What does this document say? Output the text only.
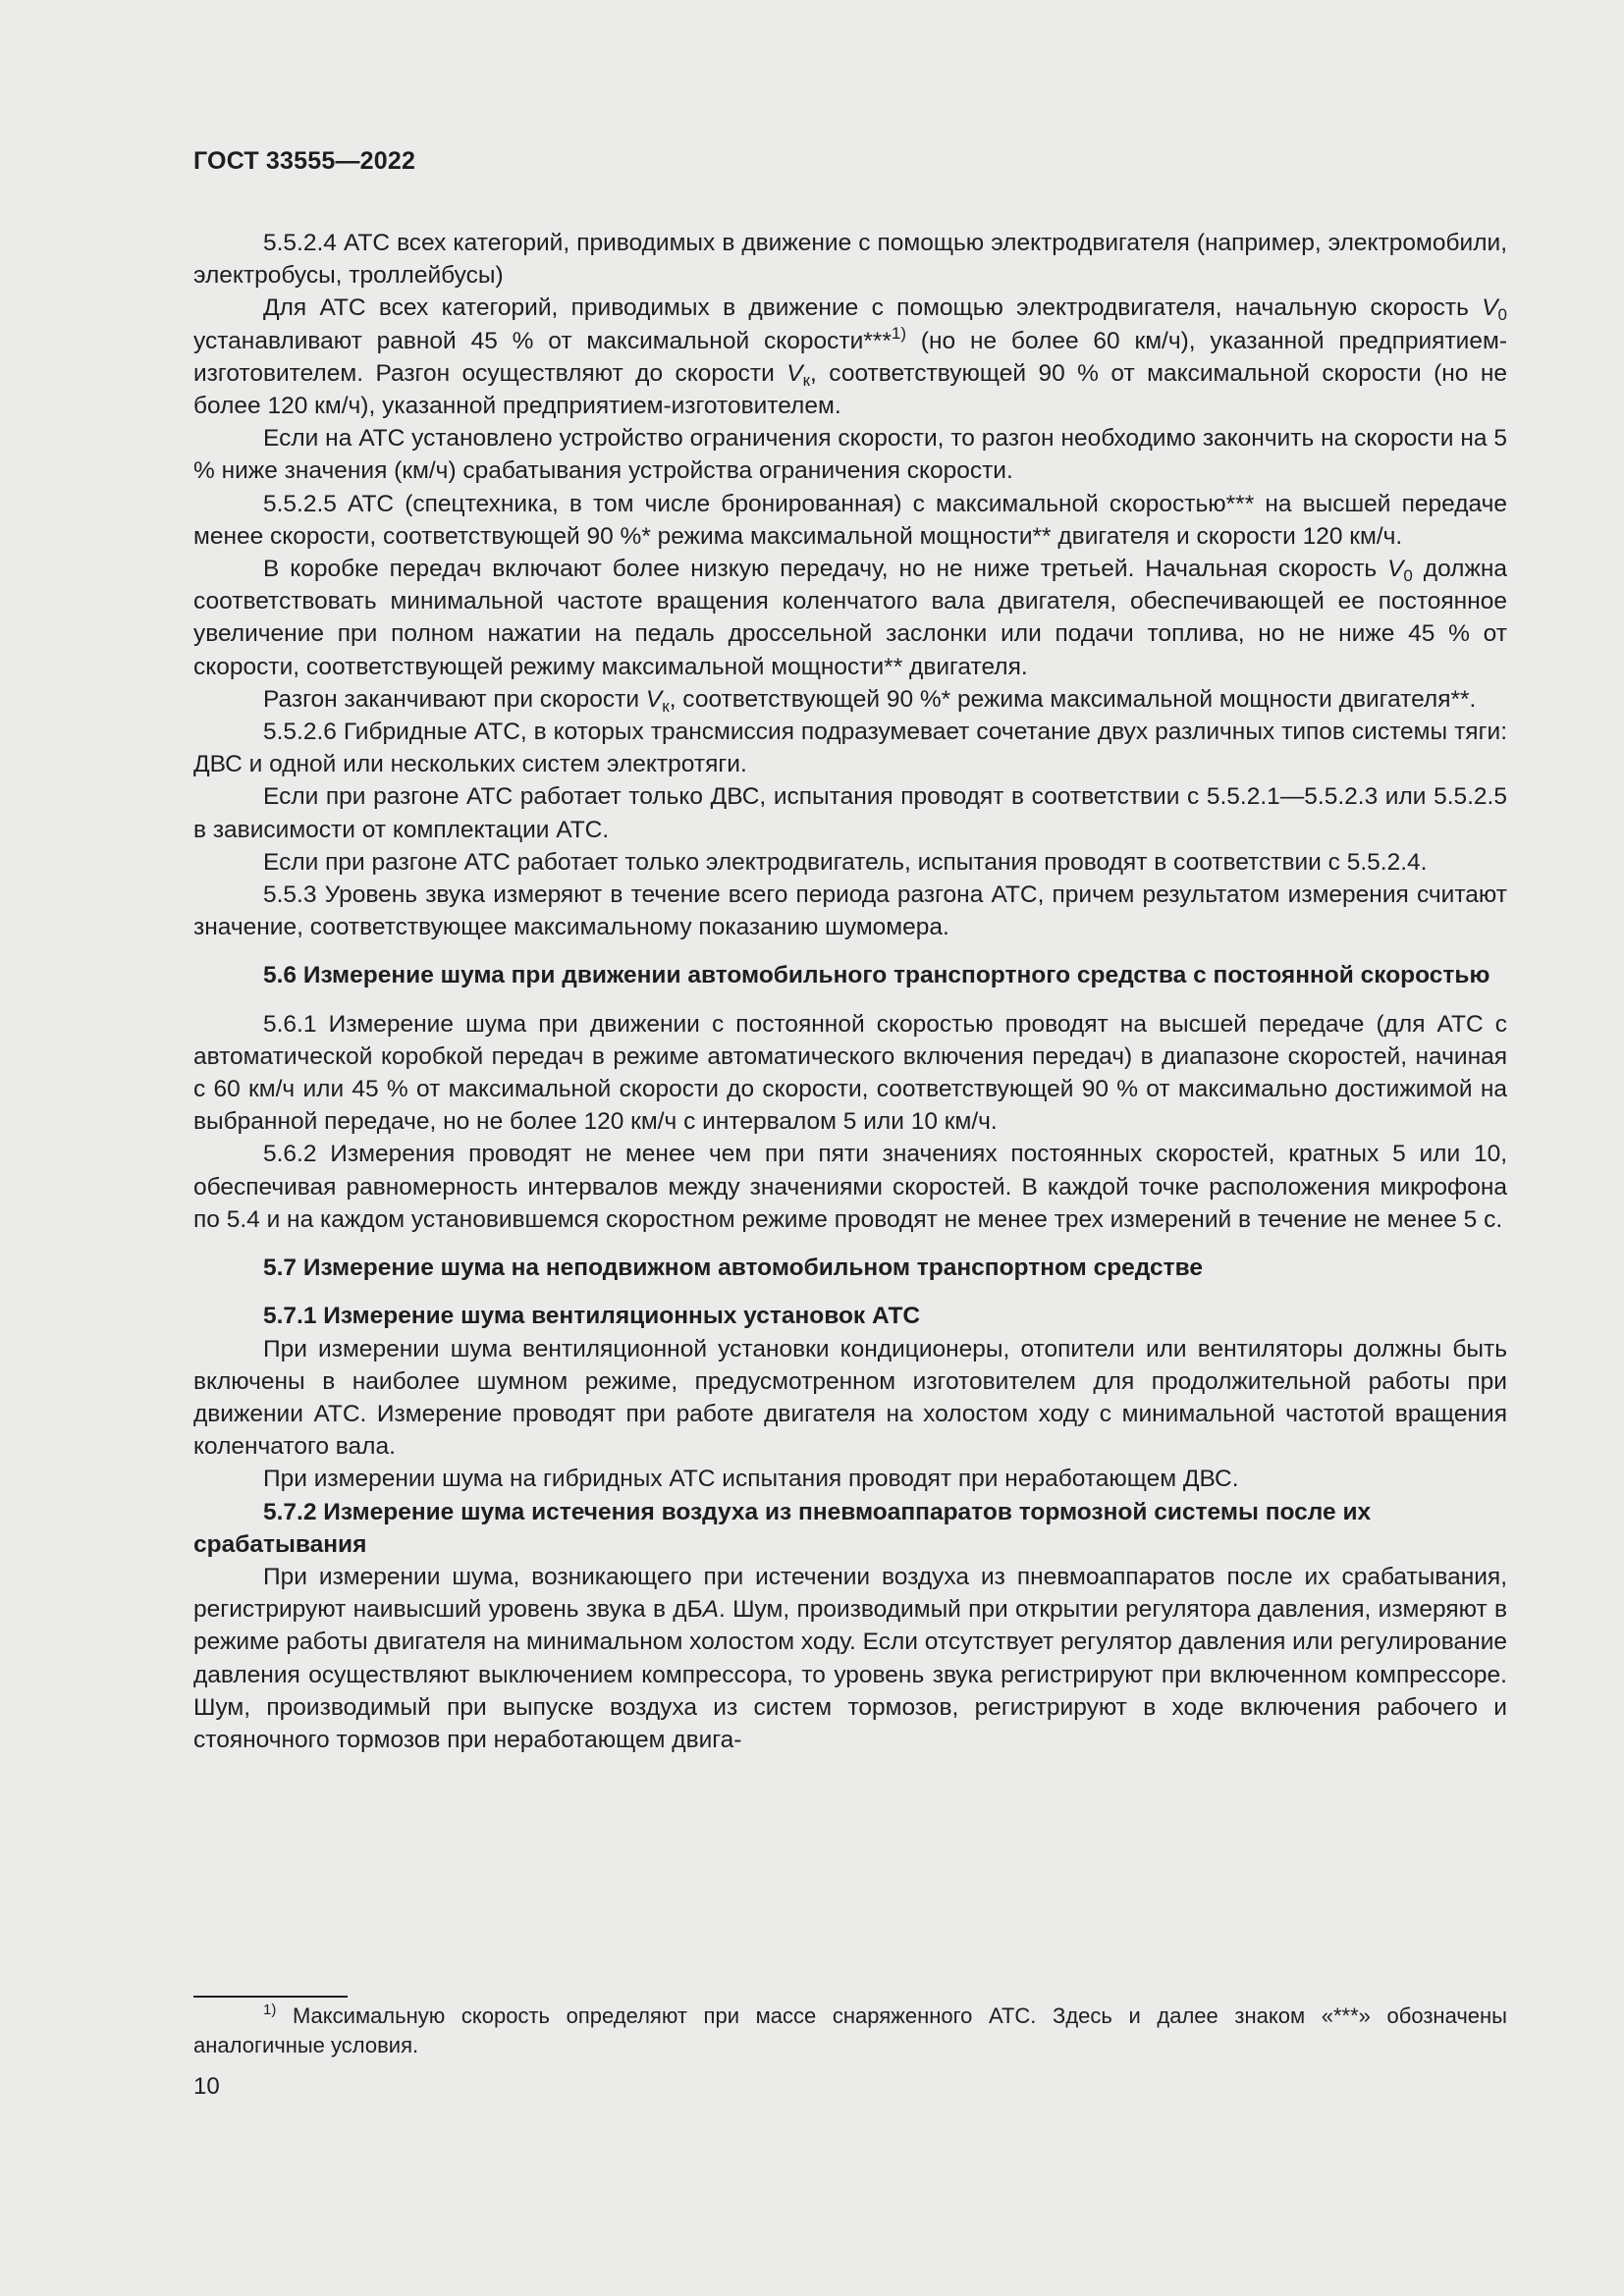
ГОСТ 33555—2022

5.5.2.4 АТС всех категорий, приводимых в движение с помощью электродвигателя (например, электромобили, электробусы, троллейбусы)

Для АТС всех категорий, приводимых в движение с помощью электродвигателя, начальную скорость $V_0$ устанавливают равной 45 % от максимальной скорости***$^{1)}$ (но не более 60 км/ч), указанной предприятием-изготовителем. Разгон осуществляют до скорости $V_к$, соответствующей 90 % от максимальной скорости (но не более 120 км/ч), указанной предприятием-изготовителем.

Если на АТС установлено устройство ограничения скорости, то разгон необходимо закончить на скорости на 5 % ниже значения (км/ч) срабатывания устройства ограничения скорости.

5.5.2.5 АТС (спецтехника, в том числе бронированная) с максимальной скоростью*** на высшей передаче менее скорости, соответствующей 90 %* режима максимальной мощности** двигателя и скорости 120 км/ч.

В коробке передач включают более низкую передачу, но не ниже третьей. Начальная скорость $V_0$ должна соответствовать минимальной частоте вращения коленчатого вала двигателя, обеспечивающей ее постоянное увеличение при полном нажатии на педаль дроссельной заслонки или подачи топлива, но не ниже 45 % от скорости, соответствующей режиму максимальной мощности** двигателя.

Разгон заканчивают при скорости $V_к$, соответствующей 90 %* режима максимальной мощности двигателя**.

5.5.2.6 Гибридные АТС, в которых трансмиссия подразумевает сочетание двух различных типов системы тяги: ДВС и одной или нескольких систем электротяги.

Если при разгоне АТС работает только ДВС, испытания проводят в соответствии с 5.5.2.1—5.5.2.3 или 5.5.2.5 в зависимости от комплектации АТС.

Если при разгоне АТС работает только электродвигатель, испытания проводят в соответствии с 5.5.2.4.

5.5.3 Уровень звука измеряют в течение всего периода разгона АТС, причем результатом измерения считают значение, соответствующее максимальному показанию шумомера.

5.6 Измерение шума при движении автомобильного транспортного средства с постоянной скоростью

5.6.1 Измерение шума при движении с постоянной скоростью проводят на высшей передаче (для АТС с автоматической коробкой передач в режиме автоматического включения передач) в диапазоне скоростей, начиная с 60 км/ч или 45 % от максимальной скорости до скорости, соответствующей 90 % от максимально достижимой на выбранной передаче, но не более 120 км/ч с интервалом 5 или 10 км/ч.

5.6.2 Измерения проводят не менее чем при пяти значениях постоянных скоростей, кратных 5 или 10, обеспечивая равномерность интервалов между значениями скоростей. В каждой точке расположения микрофона по 5.4 и на каждом установившемся скоростном режиме проводят не менее трех измерений в течение не менее 5 с.

5.7 Измерение шума на неподвижном автомобильном транспортном средстве

5.7.1 Измерение шума вентиляционных установок АТС

При измерении шума вентиляционной установки кондиционеры, отопители или вентиляторы должны быть включены в наиболее шумном режиме, предусмотренном изготовителем для продолжительной работы при движении АТС. Измерение проводят при работе двигателя на холостом ходу с минимальной частотой вращения коленчатого вала.

При измерении шума на гибридных АТС испытания проводят при неработающем ДВС.

5.7.2 Измерение шума истечения воздуха из пневмоаппаратов тормозной системы после их срабатывания

При измерении шума, возникающего при истечении воздуха из пневмоаппаратов после их срабатывания, регистрируют наивысший уровень звука в дБА. Шум, производимый при открытии регулятора давления, измеряют в режиме работы двигателя на минимальном холостом ходу. Если отсутствует регулятор давления или регулирование давления осуществляют выключением компрессора, то уровень звука регистрируют при включенном компрессоре. Шум, производимый при выпуске воздуха из систем тормозов, регистрируют в ходе включения рабочего и стояночного тормозов при неработающем двига-

$^{1)}$ Максимальную скорость определяют при массе снаряженного АТС. Здесь и далее знаком «***» обозначены аналогичные условия.
10
